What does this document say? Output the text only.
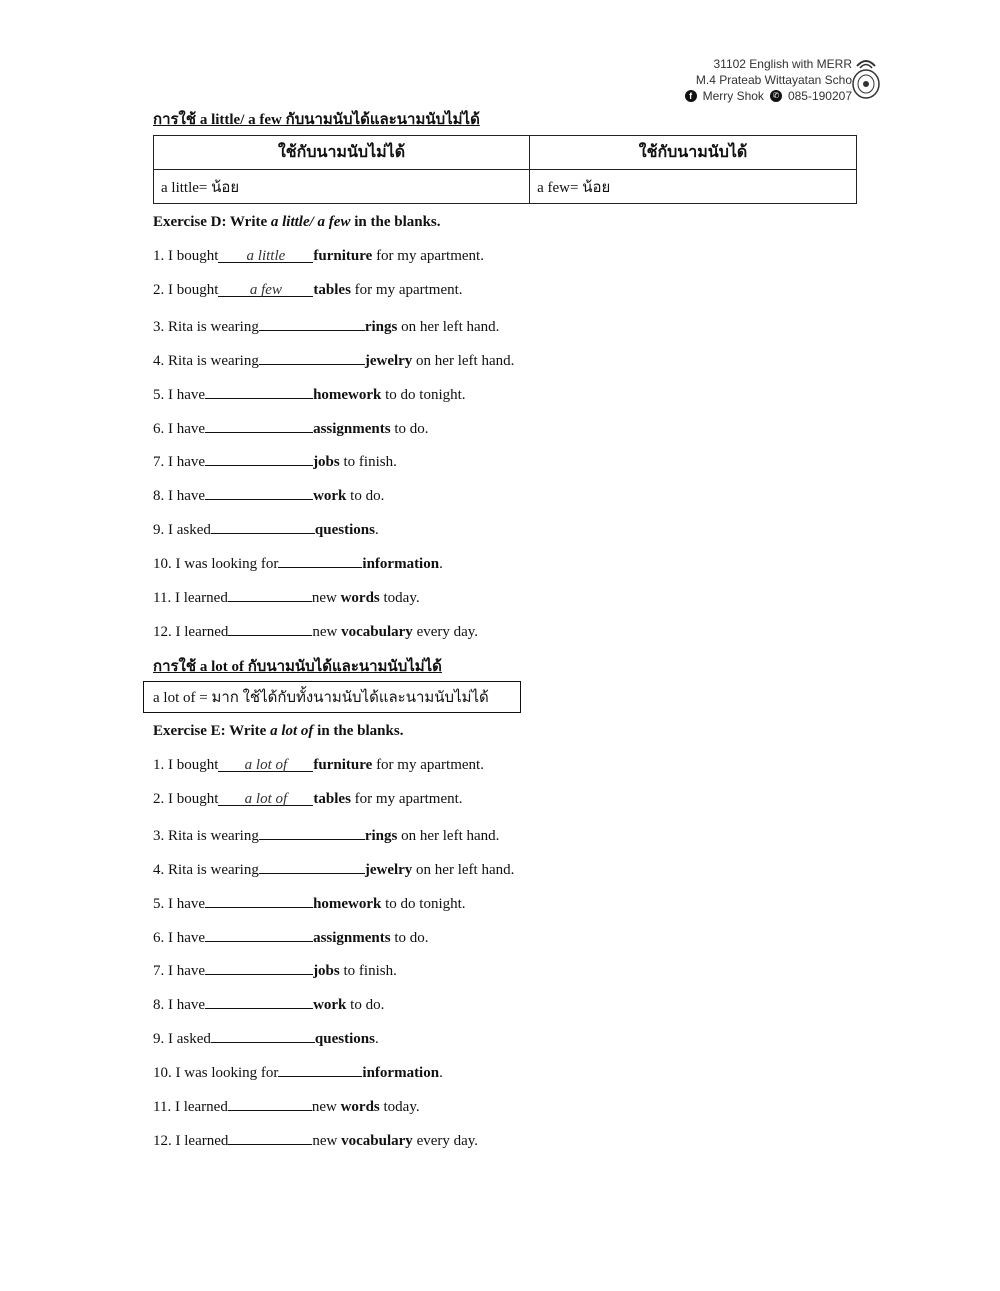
31102 English with MERR
M.4 Prateab Wittayatan Scho
f Merry Shok	✆ 085-190207
การใช้ a little/ a few กับนามนับได้และนามนับไม่ได้
ใช้กับนามนับไม่ได้	ใช้กับนามนับได้
a little= น้อย	a few= น้อย
Exercise D: Write a little/ a few in the blanks.
1. I bought a little furniture for my apartment.
2. I bought a few tables for my apartment.
3. Rita is wearing	rings on her left hand.
4. Rita is wearing	jewelry on her left hand.
5. I have	homework to do tonight.
6. I have	assignments to do.
7. I have	jobs to finish.
8. I have	work to do.
9. I asked	questions.
10. I was looking for	information.
11. I learned	new words today.
12. I learned	new vocabulary every day.
การใช้ a lot of กับนามนับได้และนามนับไม่ได้
a lot of = มาก ใช้ได้กับทั้งนามนับได้และนามนับไม่ได้
Exercise E: Write a lot of in the blanks.
1. I bought a lot of furniture for my apartment.
2. I bought a lot of tables for my apartment.
3. Rita is wearing	rings on her left hand.
4. Rita is wearing	jewelry on her left hand.
5. I have	homework to do tonight.
6. I have	assignments to do.
7. I have	jobs to finish.
8. I have	work to do.
9. I asked	questions.
10. I was looking for	information.
11. I learned	new words today.
12. I learned	new vocabulary every day.
